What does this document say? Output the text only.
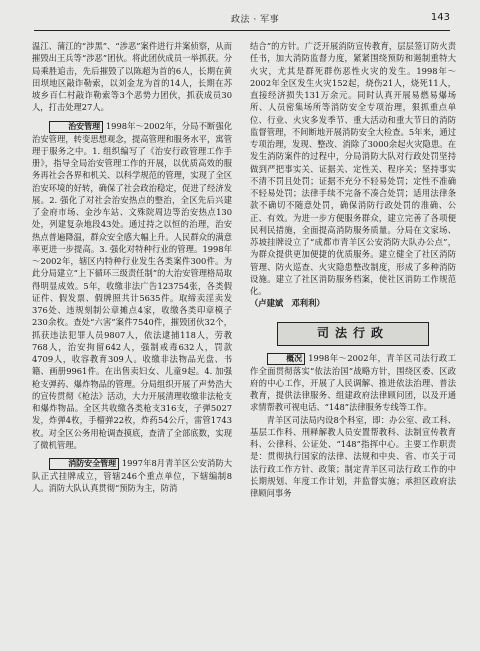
政法 · 军事	143

温江、蒲江的“涉黑”、“涉恶”案件进行并案侦察，从而摧毁出王兵等“涉恶”团伙。将此团伙成员一举抓获。分局乘胜追击，先后摧毁了以陈超为首的6人，长期在黄田坝地区敲诈勒索，以刘金龙为首的14人，长期在苏坡乡百仁村敲诈勒索等3个恶势力团伙，抓获成员30人，打击处理27人。

治安管理 1998年～2002年，分局不断强化治安管理，转变思想观念，提高管理和服务水平，寓管理于服务之中。1. 组织编写了《治安行政管理工作手册》，指导全局治安管理工作的开展，以优质高效的服务再社会各界和机关、以科学规范的管理，实现了全区治安环境的好转，确保了社会政治稳定，促进了经济发展。2. 强化了对社会治安热点的整治，全区先后兴建了金府市场、金沙车站、文殊院周边等治安热点130处，列建复杂地段43处。通过持之以恒的治理，治安热点普遍降温，群众安全感大幅上升。人民群众的满意率更进一步提高。3. 强化对特种行业的管理。1998年～2002年，辖区内特种行业发生各类案件300件。为此分局建立“上下循环三级责任制”的大治安管理格局取得明显成效。5年，收缴非法广告123754张，各类假证件、假发票、假牌照共计5635件。取缔卖淫卖发376处、违规刻制公章摊点4家，收缴各类印章模子230余枚。查处“六害”案件7540件，摧毁团伙32个，抓获违法犯罪人员9807人，依法逮捕118人，劳教768人，治安拘留642人，强制戒毒632人，罚款4709人，收容教育309人。收缴非法物品光盘、书籍、画册9961件。在出售卖妇女、儿童9起。4. 加强枪支弹药、爆炸物品的管理。分局组织开展了声势浩大的宣传贯彻《枪法》活动，大力开展清理收缴非法枪支和爆炸物品。全区共收缴各类枪支316支，子弹5027发，炸弹4枚，手榴弹22枚，炸药54公斤，雷管1743枚。对全区公务用枪调查摸底，查清了全部底数，实现了微机管理。

消防安全管理 1997年8月青羊区公安消防大队正式挂牌成立，管辖246个重点单位，下辖编制8人。消防大队认真贯彻“预防为主，防消

结合”的方针。广泛开展消防宣传教育，层层签订防火责任书，加大消防监督力度，紧紧围绕预防和遏制重特大火灾，尤其是群死群伤恶性火灾的发生。1998年～2002年全区发生火灾152起，烧伤21人，烧死11人，直接经济损失131万余元。同时认真开展易燃易爆场所、人员密集场所等消防安全专项治理，狠抓重点单位、行业、火灾多发季节、重大活动和重大节日的消防监督管理，不间断地开展消防安全大检查。5年来，通过专项治理，发现、整改、消除了3000余起火灾隐患。在发生消防案件的过程中，分局消防大队对行政处罚坚持做到严把事实关、证据关、定性关、程序关；坚持事实不清不罚且处罚；证据不充分不轻易处罚；定性不准确不轻易处罚；法律手续不完备不凑合处罚；适用法律条款不确切不随意处罚，确保消防行政处罚的准确、公正、有效。为进一步方便服务群众，建立完善了各项便民利民措施，全面提高消防服务质量。分局在文家场、苏坡挂牌设立了“成都市青羊区公安消防大队办公点”，为群众提供更加便捷的优质服务。建立健全了社区消防管理、防火巡查、火灾隐患整改制度，形成了多种消防设施。建立了社区消防服务档案，使社区消防工作规范化。

（卢建斌　邓利利）

司法行政

概况 1998年～2002年，青羊区司法行政工作全面贯彻落实“依法治国”战略方针，围绕区委、区政府的中心工作，开展了人民调解、推进依法治理、普法教育，提供法律服务、组建政府法律顾问团，以及开通求情帮教可视电话、“148”法律服务专线等工作。

青羊区司法局内设8个科室，即：办公室、政工科、基层工作科、刑释解教人员安置帮教科、法制宣传教育科、公律科、公证处、“148”指挥中心。主要工作职责是：贯彻执行国家的法律、法规和中央、省、市关于司法行政工作方针、政策；制定青羊区司法行政工作的中长期规划、年度工作计划，并监督实施；承担区政府法律顾问事务
